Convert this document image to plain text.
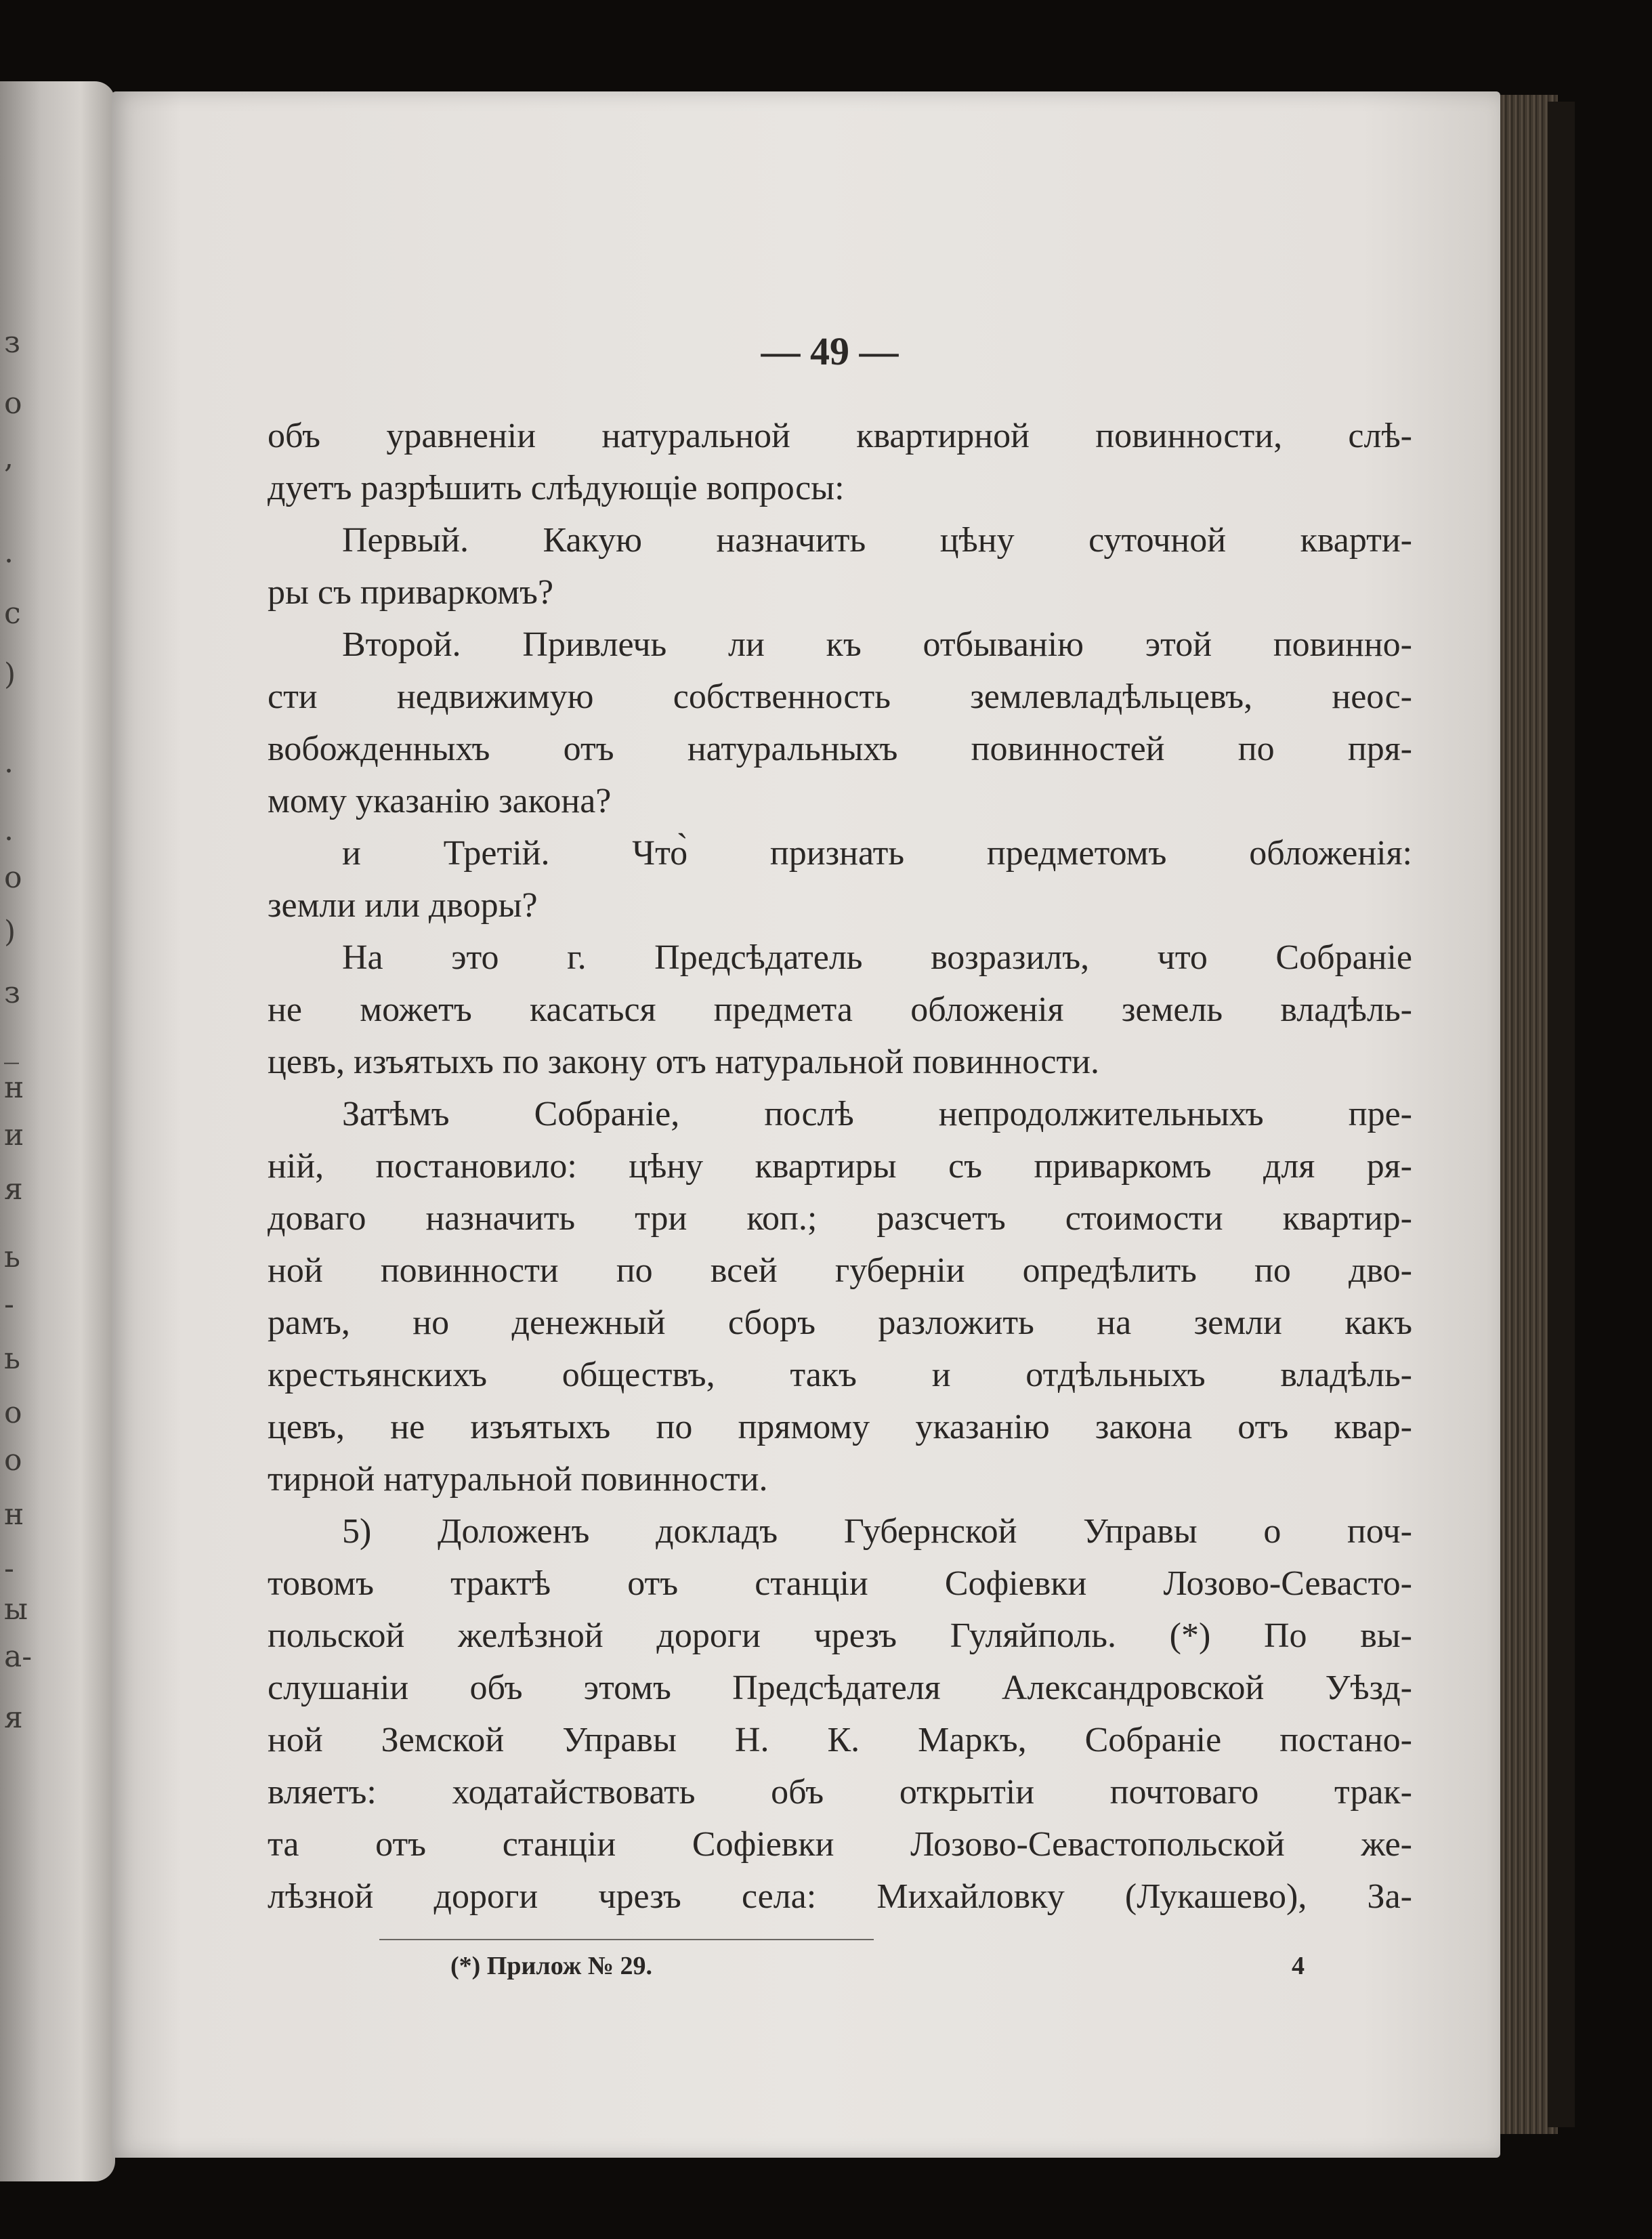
з
о
,
.
с
)
.
.
о
)
з
_
н
и
я
ь
-
ь
о
о
н
-
ы
а-
я
— 49 —
объ уравненіи натуральной квартирной повинности, слѣ-
дуетъ разрѣшить слѣдующіе вопросы:
Первый. Какую назначить цѣну суточной кварти-
ры съ приваркомъ?
Второй. Привлечь ли къ отбыванію этой повинно-
сти недвижимую собственность землевладѣльцевъ, неос-
вобожденныхъ отъ натуральныхъ повинностей по пря-
мому указанію закона?
и Третій. Что̀ признать предметомъ обложенія:
земли или дворы?
На это г. Предсѣдатель возразилъ, что Собраніе
не можетъ касаться предмета обложенія земель владѣль-
цевъ, изъятыхъ по закону отъ натуральной повинности.
Затѣмъ Собраніе, послѣ непродолжительныхъ пре-
ній, постановило: цѣну квартиры съ приваркомъ для ря-
доваго назначить три коп.; разсчетъ стоимости квартир-
ной повинности по всей губерніи опредѣлить по дво-
рамъ, но денежный сборъ разложить на земли какъ
крестьянскихъ обществъ, такъ и отдѣльныхъ владѣль-
цевъ, не изъятыхъ по прямому указанію закона отъ квар-
тирной натуральной повинности.
5) Доложенъ докладъ Губернской Управы о поч-
товомъ трактѣ отъ станціи Софіевки Лозово-Севасто-
польской желѣзной дороги чрезъ Гуляйполь. (*) По вы-
слушаніи объ этомъ Предсѣдателя Александровской Уѣзд-
ной Земской Управы Н. К. Маркъ, Собраніе постано-
вляетъ: ходатайствовать объ открытіи почтоваго трак-
та отъ станціи Софіевки Лозово-Севастопольской же-
лѣзной дороги чрезъ села: Михайловку (Лукашево), За-
(*) Прилож № 29.	4
